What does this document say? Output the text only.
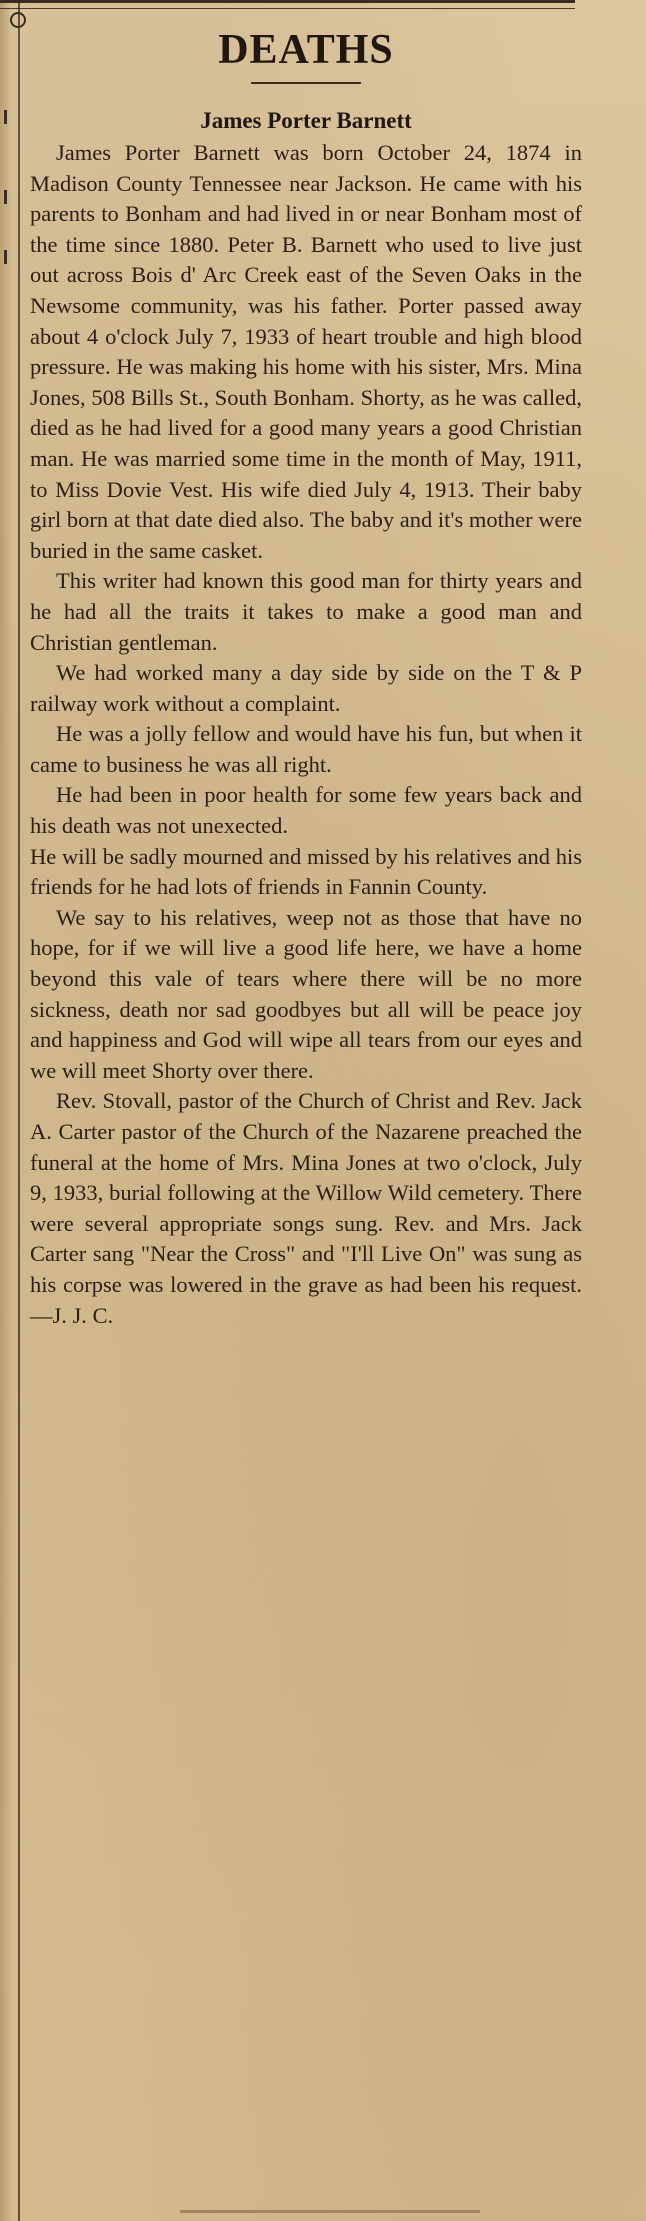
DEATHS
James Porter Barnett

James Porter Barnett was born October 24, 1874 in Madison County Tennessee near Jackson. He came with his parents to Bonham and had lived in or near Bonham most of the time since 1880. Peter B. Barnett who used to live just out across Bois d' Arc Creek east of the Seven Oaks in the Newsome community, was his father. Porter passed away about 4 o'clock July 7, 1933 of heart trouble and high blood pressure. He was making his home with his sister, Mrs. Mina Jones, 508 Bills St., South Bonham. Shorty, as he was called, died as he had lived for a good many years a good Christian man. He was married some time in the month of May, 1911, to Miss Dovie Vest. His wife died July 4, 1913. Their baby girl born at that date died also. The baby and it's mother were buried in the same casket.

This writer had known this good man for thirty years and he had all the traits it takes to make a good man and Christian gentleman.

We had worked many a day side by side on the T & P railway work without a complaint.

He was a jolly fellow and would have his fun, but when it came to business he was all right.

He had been in poor health for some few years back and his death was not unexected.

He will be sadly mourned and missed by his relatives and his friends for he had lots of friends in Fannin County.

We say to his relatives, weep not as those that have no hope, for if we will live a good life here, we have a home beyond this vale of tears where there will be no more sickness, death nor sad goodbyes but all will be peace joy and happiness and God will wipe all tears from our eyes and we will meet Shorty over there.

Rev. Stovall, pastor of the Church of Christ and Rev. Jack A. Carter pastor of the Church of the Nazarene preached the funeral at the home of Mrs. Mina Jones at two o'clock, July 9, 1933, burial following at the Willow Wild cemetery. There were several appropriate songs sung. Rev. and Mrs. Jack Carter sang "Near the Cross" and "I'll Live On" was sung as his corpse was lowered in the grave as had been his request.—J. J. C.
